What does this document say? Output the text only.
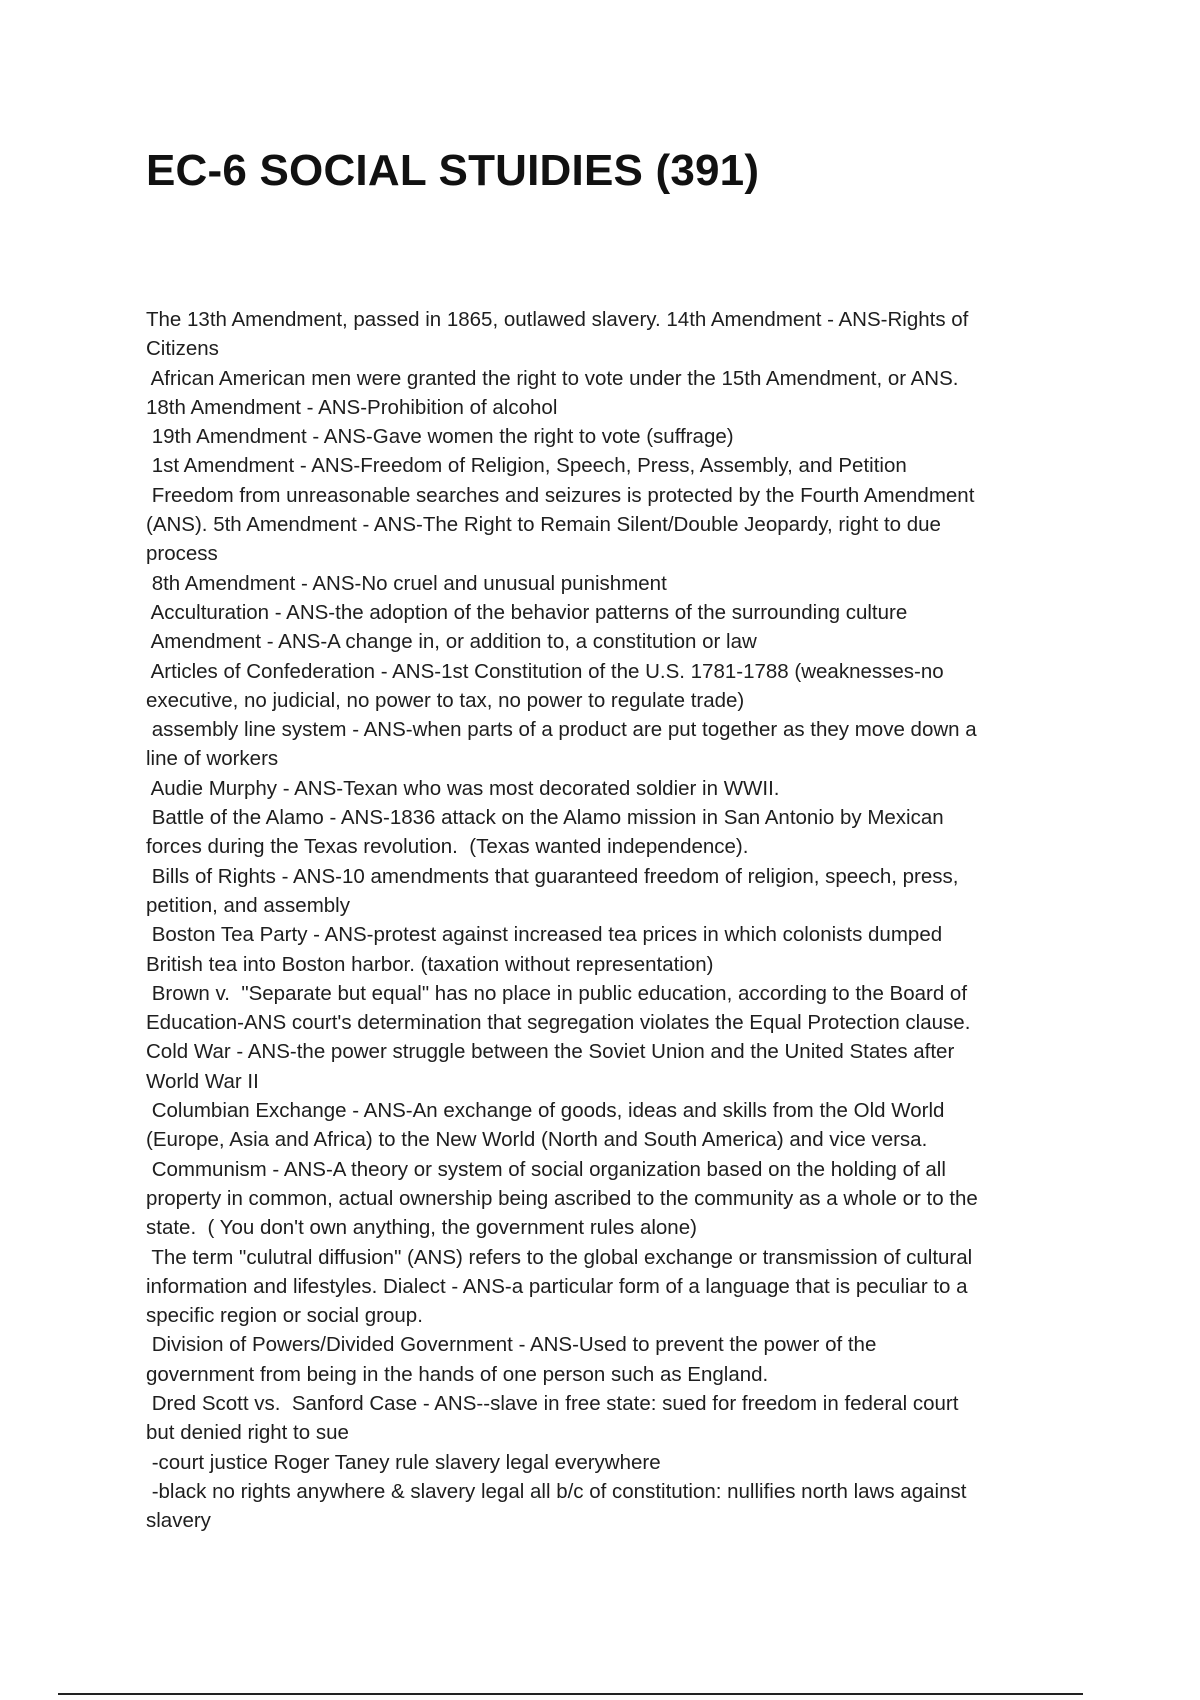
EC-6 SOCIAL STUIDIES (391)
The 13th Amendment, passed in 1865, outlawed slavery. 14th Amendment - ANS-Rights of
Citizens
African American men were granted the right to vote under the 15th Amendment, or ANS.
18th Amendment - ANS-Prohibition of alcohol
19th Amendment - ANS-Gave women the right to vote (suffrage)
1st Amendment - ANS-Freedom of Religion, Speech, Press, Assembly, and Petition
Freedom from unreasonable searches and seizures is protected by the Fourth Amendment
(ANS). 5th Amendment - ANS-The Right to Remain Silent/Double Jeopardy, right to due
process
8th Amendment - ANS-No cruel and unusual punishment
Acculturation - ANS-the adoption of the behavior patterns of the surrounding culture
Amendment - ANS-A change in, or addition to, a constitution or law
Articles of Confederation - ANS-1st Constitution of the U.S. 1781-1788 (weaknesses-no
executive, no judicial, no power to tax, no power to regulate trade)
assembly line system - ANS-when parts of a product are put together as they move down a
line of workers
Audie Murphy - ANS-Texan who was most decorated soldier in WWII.
Battle of the Alamo - ANS-1836 attack on the Alamo mission in San Antonio by Mexican
forces during the Texas revolution.  (Texas wanted independence).
Bills of Rights - ANS-10 amendments that guaranteed freedom of religion, speech, press,
petition, and assembly
Boston Tea Party - ANS-protest against increased tea prices in which colonists dumped
British tea into Boston harbor. (taxation without representation)
Brown v.  "Separate but equal" has no place in public education, according to the Board of
Education-ANS court's determination that segregation violates the Equal Protection clause.
Cold War - ANS-the power struggle between the Soviet Union and the United States after
World War II
Columbian Exchange - ANS-An exchange of goods, ideas and skills from the Old World
(Europe, Asia and Africa) to the New World (North and South America) and vice versa.
Communism - ANS-A theory or system of social organization based on the holding of all
property in common, actual ownership being ascribed to the community as a whole or to the
state.  ( You don't own anything, the government rules alone)
The term "culutral diffusion" (ANS) refers to the global exchange or transmission of cultural
information and lifestyles. Dialect - ANS-a particular form of a language that is peculiar to a
specific region or social group.
Division of Powers/Divided Government - ANS-Used to prevent the power of the
government from being in the hands of one person such as England.
Dred Scott vs.  Sanford Case - ANS--slave in free state: sued for freedom in federal court
but denied right to sue
-court justice Roger Taney rule slavery legal everywhere
-black no rights anywhere & slavery legal all b/c of constitution: nullifies north laws against
slavery
